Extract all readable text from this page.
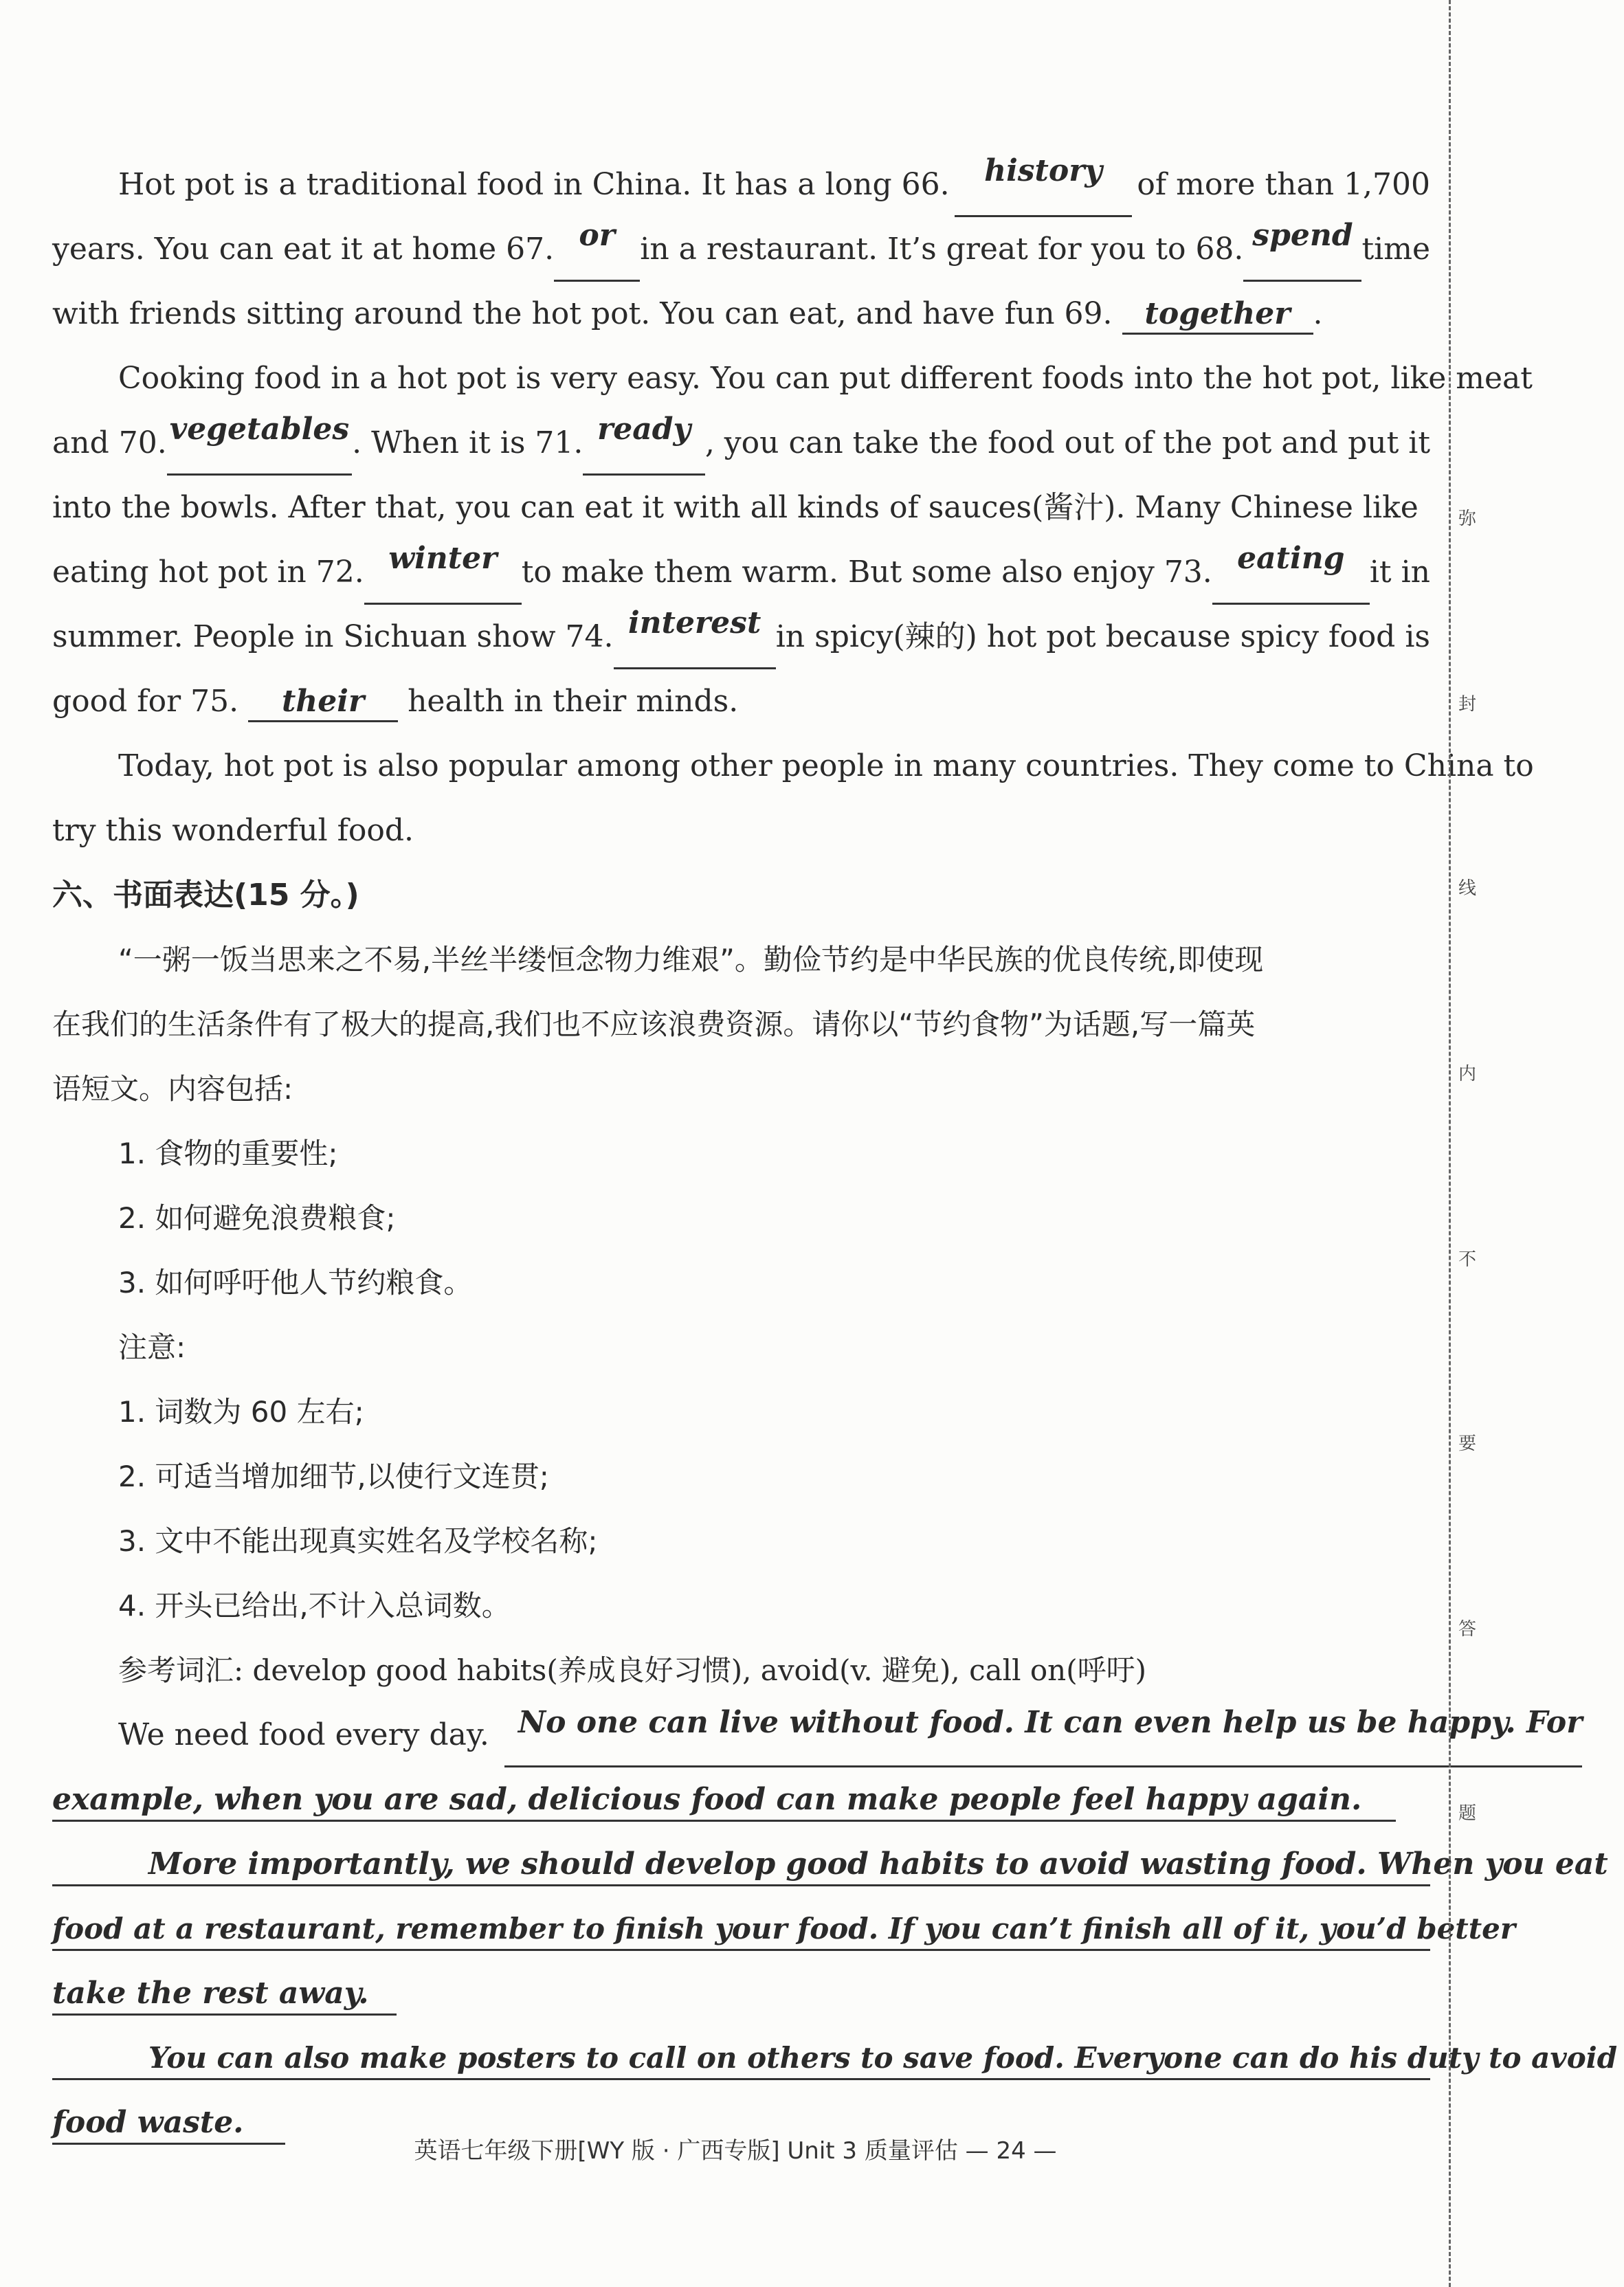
Hot pot is a traditional food in China. It has a long 66.	history	of more than 1,700
years. You can eat it at home 67. or in a restaurant. It’s great for you to 68. spend time
with friends sitting around the hot pot. You can eat, and have fun 69. together .
Cooking food in a hot pot is very easy. You can put different foods into the hot pot, like meat
and 70. vegetables . When it is 71. ready , you can take the food out of the pot and put it
into the bowls. After that, you can eat it with all kinds of sauces(酱汁). Many Chinese like
eating hot pot in 72. winter to make them warm. But some also enjoy 73. eating it in
summer. People in Sichuan show 74. interest in spicy(辣的) hot pot because spicy food is
good for 75. their health in their minds.
Today, hot pot is also popular among other people in many countries. They come to China to
try this wonderful food.
六、书面表达(15 分。)
“一粥一饭当思来之不易,半丝半缕恒念物力维艰”。勤俭节约是中华民族的优良传统,即使现
在我们的生活条件有了极大的提高,我们也不应该浪费资源。请你以“节约食物”为话题,写一篇英
语短文。内容包括:
1. 食物的重要性;
2. 如何避免浪费粮食;
3. 如何呼吁他人节约粮食。
注意:
1. 词数为 60 左右;
2. 可适当增加细节,以使行文连贯;
3. 文中不能出现真实姓名及学校名称;
4. 开头已给出,不计入总词数。
参考词汇: develop good habits(养成良好习惯), avoid(v. 避免), call on(呼吁)
We need food every day. No one can live without food. It can even help us be happy. For
example, when you are sad, delicious food can make people feel happy again.
More importantly, we should develop good habits to avoid wasting food. When you eat
food at a restaurant, remember to finish your food. If you can’t finish all of it, you’d better
take the rest away.
You can also make posters to call on others to save food. Everyone can do his duty to avoid
food waste.
英语七年级下册[WY 版 · 广西专版] Unit 3 质量评估 — 24 —
弥
封
线
内
不
要
答
题
